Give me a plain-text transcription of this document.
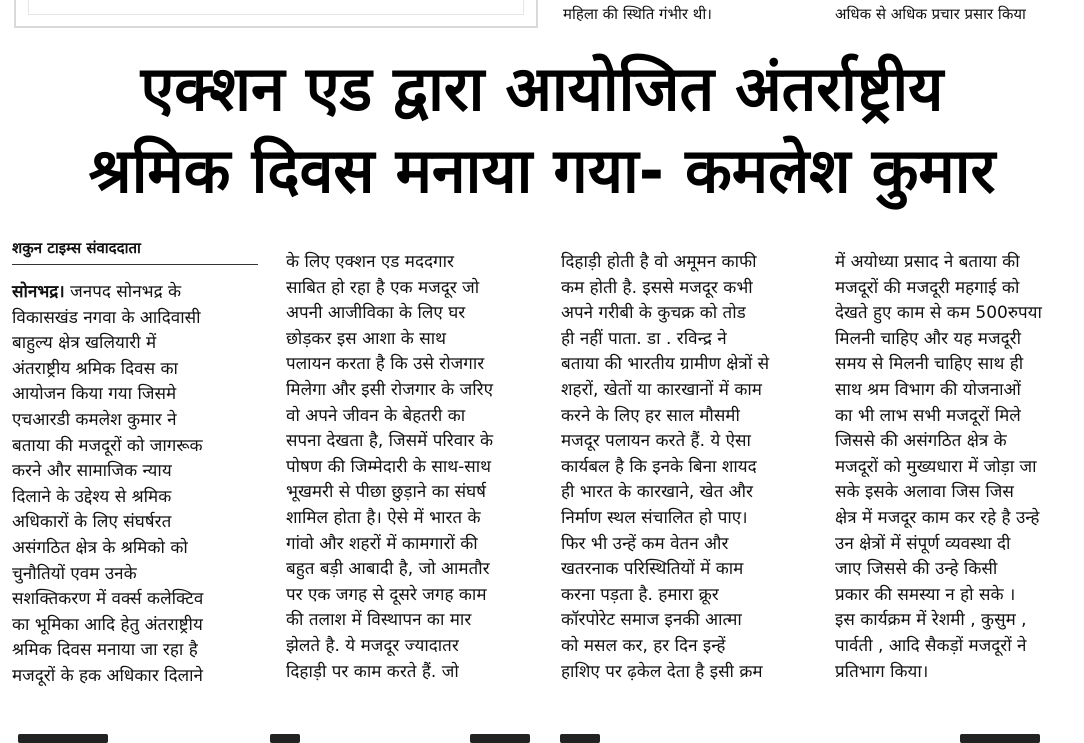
महिला की स्थिति गंभीर थी।	अधिक से अधिक प्रचार प्रसार किया
एक्शन एड द्वारा आयोजित अंतर्राष्ट्रीय
श्रमिक दिवस मनाया गया- कमलेश कुमार
शकुन टाइम्स संवाददाता
सोनभद्र। जनपद सोनभद्र के
विकासखंड नगवा के आदिवासी
बाहुल्य क्षेत्र खलियारी में
अंतराष्ट्रीय श्रमिक दिवस का
आयोजन किया गया जिसमे
एचआरडी कमलेश कुमार ने
बताया की मजदूरों को जागरूक
करने और सामाजिक न्याय
दिलाने के उद्देश्य से श्रमिक
अधिकारों के लिए संघर्षरत
असंगठित क्षेत्र के श्रमिको को
चुनौतियों एवम उनके
सशक्तिकरण में वर्क्स कलेक्टिव
का भूमिका आदि हेतु अंतराष्ट्रीय
श्रमिक दिवस मनाया जा रहा है
मजदूरों के हक अधिकार दिलाने
के लिए एक्शन एड मददगार
साबित हो रहा है एक मजदूर जो
अपनी आजीविका के लिए घर
छोड़कर इस आशा के साथ
पलायन करता है कि उसे रोजगार
मिलेगा और इसी रोजगार के जरिए
वो अपने जीवन के बेहतरी का
सपना देखता है, जिसमें परिवार के
पोषण की जिम्मेदारी के साथ-साथ
भूखमरी से पीछा छुड़ाने का संघर्ष
शामिल होता है। ऐसे में भारत के
गांवो और शहरों में कामगारों की
बहुत बड़ी आबादी है, जो आमतौर
पर एक जगह से दूसरे जगह काम
की तलाश में विस्थापन का मार
झेलते है. ये मजदूर ज्यादातर
दिहाड़ी पर काम करते हैं. जो
दिहाड़ी होती है वो अमूमन काफी
कम होती है. इससे मजदूर कभी
अपने गरीबी के कुचक्र को तोड
ही नहीं पाता. डा . रविन्द्र ने
बताया की भारतीय ग्रामीण क्षेत्रों से
शहरों, खेतों या कारखानों में काम
करने के लिए हर साल मौसमी
मजदूर पलायन करते हैं. ये ऐसा
कार्यबल है कि इनके बिना शायद
ही भारत के कारखाने, खेत और
निर्माण स्थल संचालित हो पाए।
फिर भी उन्हें कम वेतन और
खतरनाक परिस्थितियों में काम
करना पड़ता है. हमारा क्रूर
कॉरपोरेट समाज इनकी आत्मा
को मसल कर, हर दिन इन्हें
हाशिए पर ढ़केल देता है इसी क्रम
में अयोध्या प्रसाद ने बताया की
मजदूरों की मजदूरी महगाई को
देखते हुए काम से कम 500रुपया
मिलनी चाहिए और यह मजदूरी
समय से मिलनी चाहिए साथ ही
साथ श्रम विभाग की योजनाओं
का भी लाभ सभी मजदूरों मिले
जिससे की असंगठित क्षेत्र के
मजदूरों को मुख्यधारा में जोड़ा जा
सके इसके अलावा जिस जिस
क्षेत्र में मजदूर काम कर रहे है उन्हे
उन क्षेत्रों में संपूर्ण व्यवस्था दी
जाए जिससे की उन्हे किसी
प्रकार की समस्या न हो सके ।
इस कार्यक्रम में रेशमी , कुसुम ,
पार्वती , आदि सैकड़ों मजदूरों ने
प्रतिभाग किया।
